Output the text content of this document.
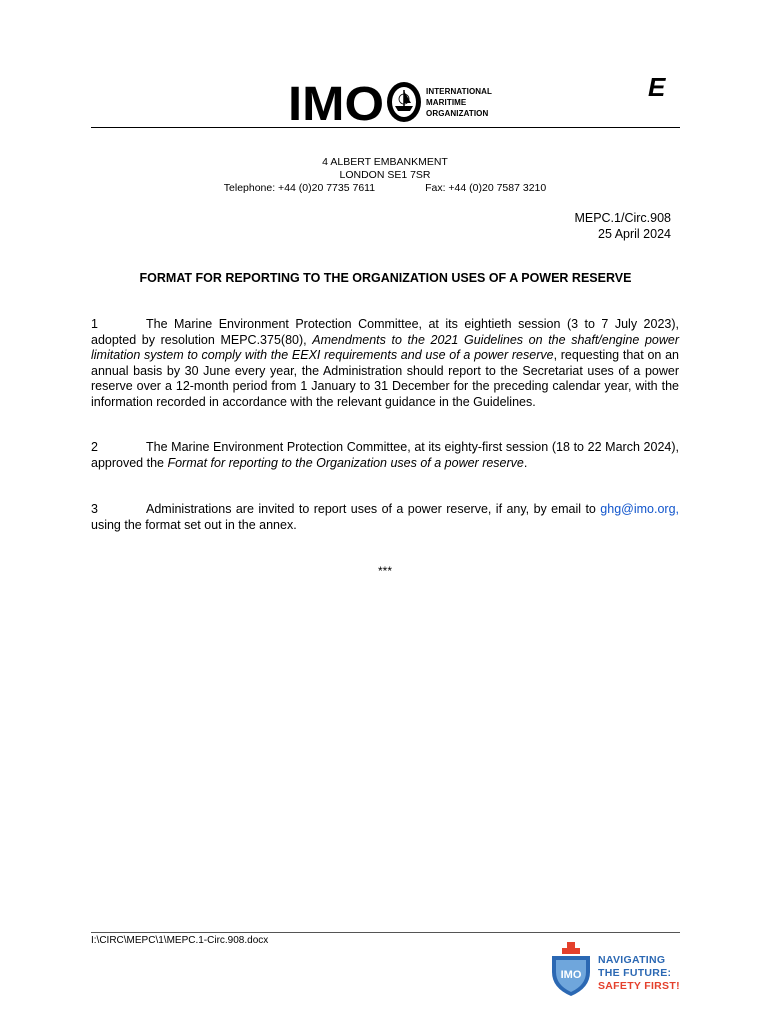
IMO	INTERNATIONAL
MARITIME
ORGANIZATION
E
4 ALBERT EMBANKMENT
LONDON SE1 7SR
Telephone: +44 (0)20 7735 7611	Fax: +44 (0)20 7587 3210
MEPC.1/Circ.908
25 April 2024
FORMAT FOR REPORTING TO THE ORGANIZATION USES OF A POWER RESERVE
1	The Marine Environment Protection Committee, at its eightieth session (3 to 7 July 2023), adopted by resolution MEPC.375(80), Amendments to the 2021 Guidelines on the shaft/engine power limitation system to comply with the EEXI requirements and use of a power reserve, requesting that on an annual basis by 30 June every year, the Administration should report to the Secretariat uses of a power reserve over a 12-month period from 1 January to 31 December for the preceding calendar year, with the information recorded in accordance with the relevant guidance in the Guidelines.
2	The Marine Environment Protection Committee, at its eighty-first session (18 to 22 March 2024), approved the Format for reporting to the Organization uses of a power reserve.
3	Administrations are invited to report uses of a power reserve, if any, by email to ghg@imo.org, using the format set out in the annex.
***
I:\CIRC\MEPC\1\MEPC.1-Circ.908.docx
IMO
NAVIGATING
THE FUTURE:
SAFETY FIRST!
